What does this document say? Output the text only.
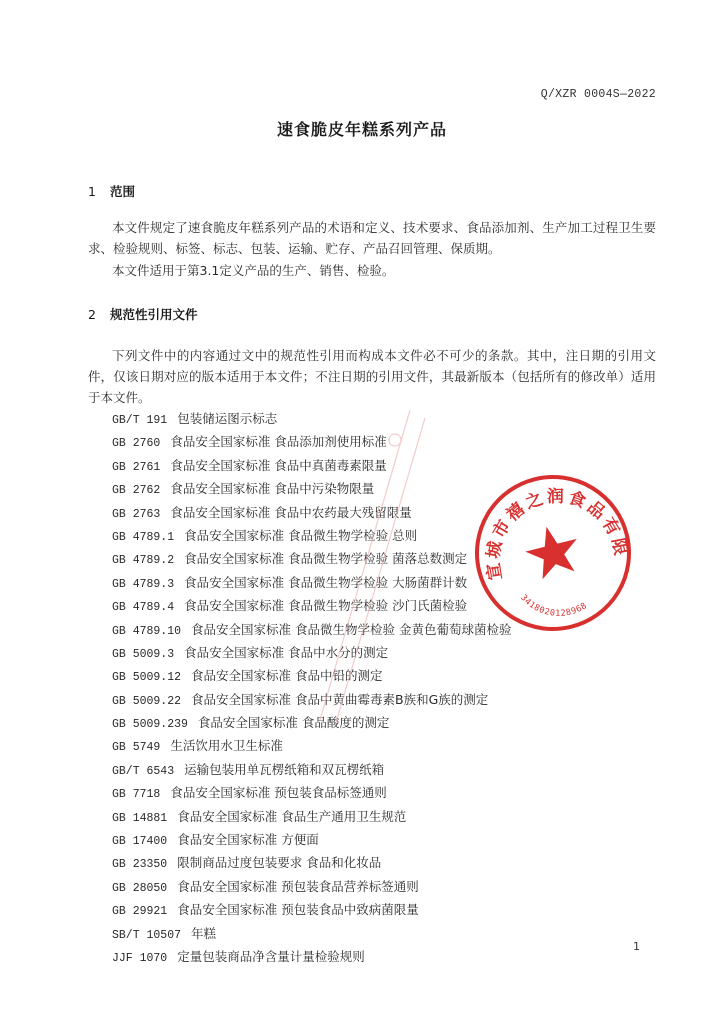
Q/XZR 0004S—2022
速食脆皮年糕系列产品
1 范围
本文件规定了速食脆皮年糕系列产品的术语和定义、技术要求、食品添加剂、生产加工过程卫生要求、检验规则、标签、标志、包装、运输、贮存、产品召回管理、保质期。
本文件适用于第3.1定义产品的生产、销售、检验。
2 规范性引用文件
下列文件中的内容通过文中的规范性引用而构成本文件必不可少的条款。其中，注日期的引用文件，仅该日期对应的版本适用于本文件；不注日期的引用文件，其最新版本（包括所有的修改单）适用于本文件。
GB/T 191 包装储运图示标志
GB 2760 食品安全国家标准 食品添加剂使用标准
GB 2761 食品安全国家标准 食品中真菌毒素限量
GB 2762 食品安全国家标准 食品中污染物限量
GB 2763 食品安全国家标准 食品中农药最大残留限量
GB 4789.1 食品安全国家标准 食品微生物学检验 总则
GB 4789.2 食品安全国家标准 食品微生物学检验 菌落总数测定
GB 4789.3 食品安全国家标准 食品微生物学检验 大肠菌群计数
GB 4789.4 食品安全国家标准 食品微生物学检验 沙门氏菌检验
GB 4789.10 食品安全国家标准 食品微生物学检验 金黄色葡萄球菌检验
GB 5009.3 食品安全国家标准 食品中水分的测定
GB 5009.12 食品安全国家标准 食品中铅的测定
GB 5009.22 食品安全国家标准 食品中黄曲霉毒素B族和G族的测定
GB 5009.239 食品安全国家标准 食品酸度的测定
GB 5749 生活饮用水卫生标准
GB/T 6543 运输包装用单瓦楞纸箱和双瓦楞纸箱
GB 7718 食品安全国家标准 预包装食品标签通则
GB 14881 食品安全国家标准 食品生产通用卫生规范
GB 17400 食品安全国家标准 方便面
GB 23350 限制商品过度包装要求 食品和化妆品
GB 28050 食品安全国家标准 预包装食品营养标签通则
GB 29921 食品安全国家标准 预包装食品中致病菌限量
SB/T 10507 年糕
JJF 1070 定量包装商品净含量计量检验规则
宣城市禧之润食品有限公司
3418020128968
1
